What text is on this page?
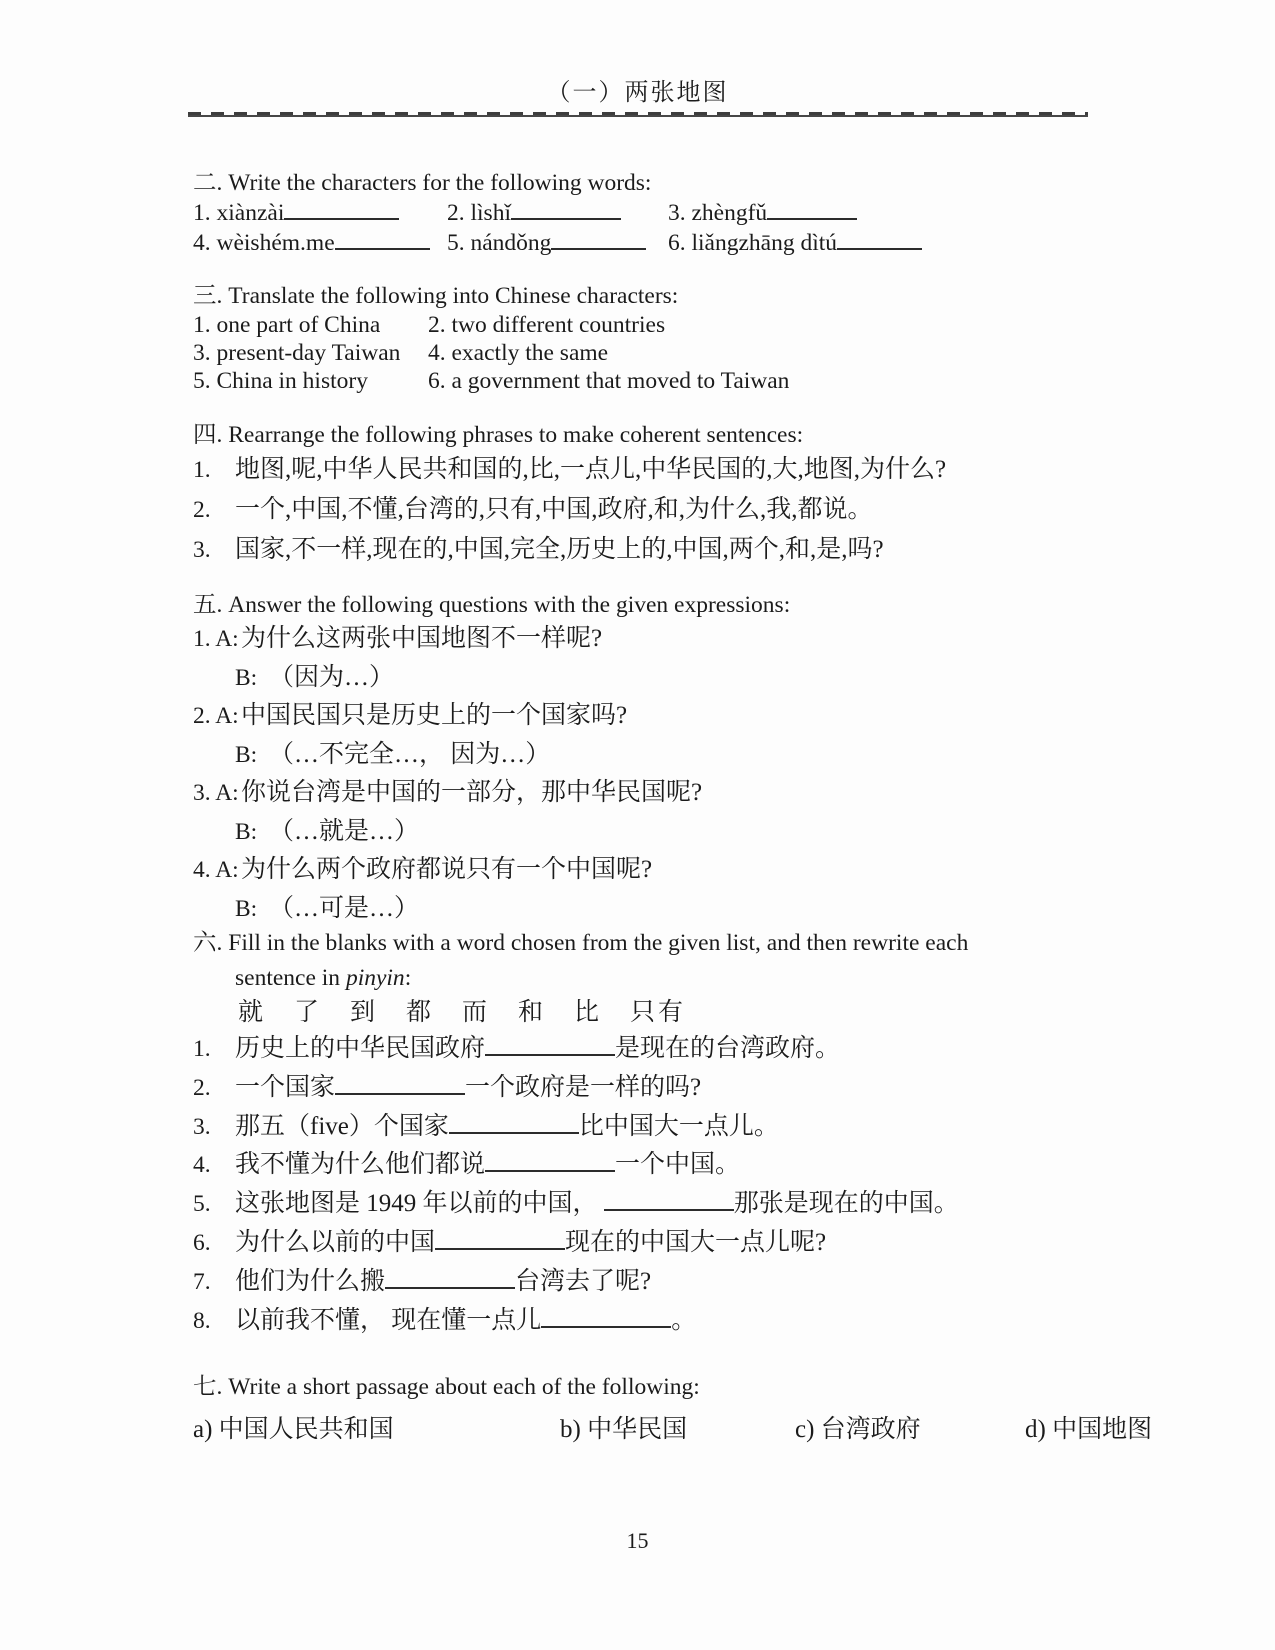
（一）两张地图
二. Write the characters for the following words:
1. xiànzài	2. lìshǐ	3. zhèngfǔ
4. wèishém.me	5. nándǒng	6. liǎngzhāng dìtú
三. Translate the following into Chinese characters:
1. one part of China 2. two different countries
3. present-day Taiwan 4. exactly the same
5. China in history	6. a government that moved to Taiwan
四. Rearrange the following phrases to make coherent sentences:
1. 地图,呢,中华人民共和国的,比,一点儿,中华民国的,大,地图,为什么?
2. 一个,中国,不懂,台湾的,只有,中国,政府,和,为什么,我,都说。
3. 国家,不一样,现在的,中国,完全,历史上的,中国,两个,和,是,吗?
五. Answer the following questions with the given expressions:
1. A:为什么这两张中国地图不一样呢?
B: （因为…）
2. A:中国民国只是历史上的一个国家吗?
B: （…不完全…， 因为…）
3. A:你说台湾是中国的一部分，那中华民国呢?
B: （…就是…）
4. A:为什么两个政府都说只有一个中国呢?
B: （…可是…）
六. Fill in the blanks with a word chosen from the given list, and then rewrite each
sentence in pinyin:
就　了　到　都　而　和　比　只有
1. 历史上的中华民国政府	是现在的台湾政府。
2. 一个国家	一个政府是一样的吗?
3. 那五（five）个国家	比中国大一点儿。
4. 我不懂为什么他们都说	一个中国。
5. 这张地图是 1949 年以前的中国，	那张是现在的中国。
6. 为什么以前的中国	现在的中国大一点儿呢?
7. 他们为什么搬	台湾去了呢?
8. 以前我不懂， 现在懂一点儿	。
七. Write a short passage about each of the following:
a) 中国人民共和国	b) 中华民国	c) 台湾政府	d) 中国地图
15
